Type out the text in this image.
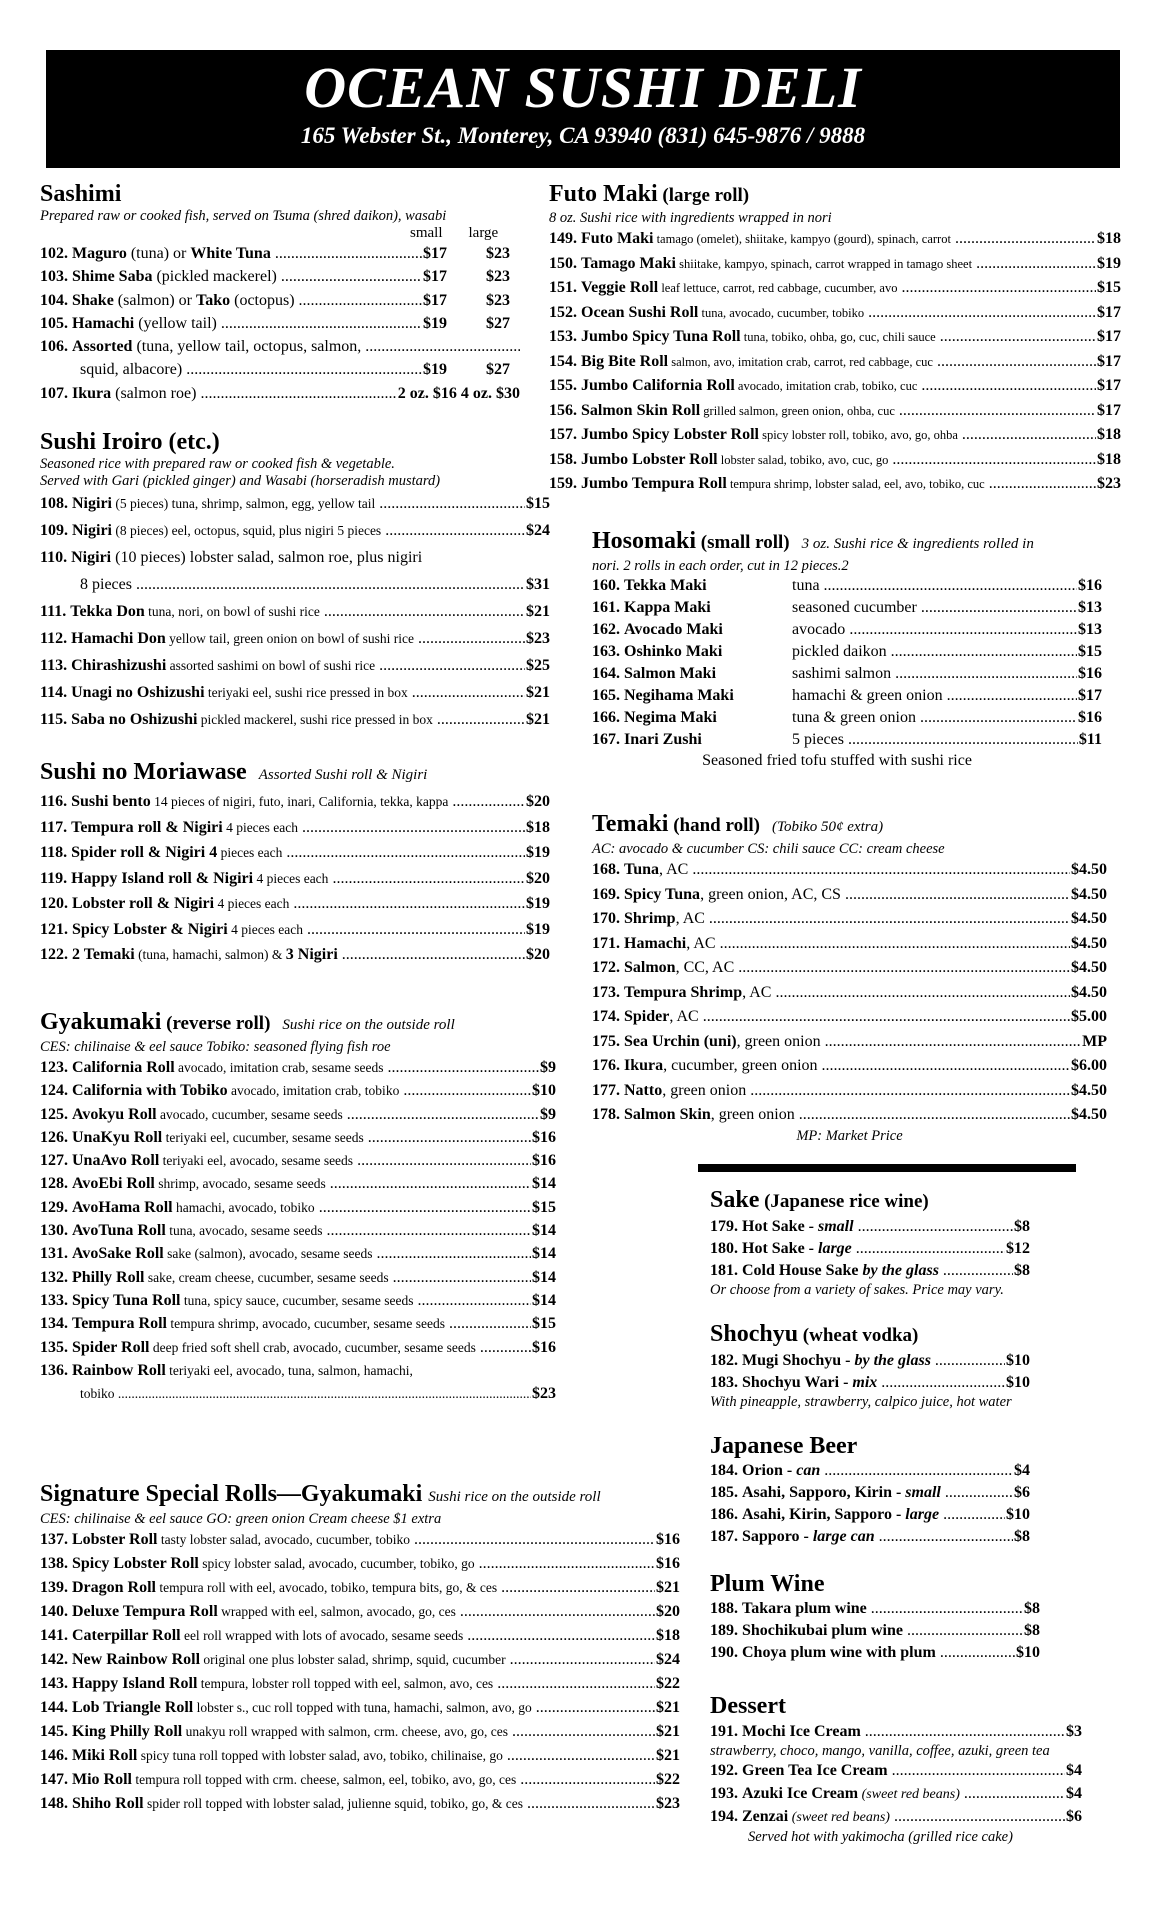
OCEAN SUSHI DELI
165 Webster St., Monterey, CA 93940 (831) 645-9876 / 9888
Sashimi
Prepared raw or cooked fish, served on Tsuma (shred daikon), wasabi
small large
102. Maguro (tuna) or White Tuna .....	$17	$23
103. Shime Saba (pickled mackerel) .....	$17	$23
104. Shake (salmon) or Tako (octopus) .....	$17	$23
105. Hamachi (yellow tail) .....	$19	$27
106. Assorted (tuna, yellow tail, octopus, salmon, .....
squid, albacore) .....	$19	$27
107. Ikura (salmon roe) .....	2 oz. $16 4 oz. $30
Sushi Iroiro (etc.)
Seasoned rice with prepared raw or cooked fish & vegetable.
Served with Gari (pickled ginger) and Wasabi (horseradish mustard)
108. Nigiri (5 pieces) tuna, shrimp, salmon, egg, yellow tail .....	$15
109. Nigiri (8 pieces) eel, octopus, squid, plus nigiri 5 pieces .....	$24
110. Nigiri (10 pieces) lobster salad, salmon roe, plus nigiri
8 pieces .....	$31
111. Tekka Don tuna, nori, on bowl of sushi rice .....	$21
112. Hamachi Don yellow tail, green onion on bowl of sushi rice .....	$23
113. Chirashizushi assorted sashimi on bowl of sushi rice .....	$25
114. Unagi no Oshizushi teriyaki eel, sushi rice pressed in box .....	$21
115. Saba no Oshizushi pickled mackerel, sushi rice pressed in box .....	$21
Sushi no Moriawase Assorted Sushi roll & Nigiri
116. Sushi bento 14 pieces of nigiri, futo, inari, California, tekka, kappa .....	$20
117. Tempura roll & Nigiri 4 pieces each .....	$18
118. Spider roll & Nigiri 4 pieces each .....	$19
119. Happy Island roll & Nigiri 4 pieces each .....	$20
120. Lobster roll & Nigiri 4 pieces each .....	$19
121. Spicy Lobster & Nigiri 4 pieces each .....	$19
122. 2 Temaki (tuna, hamachi, salmon) & 3 Nigiri .....	$20
Gyakumaki (reverse roll) Sushi rice on the outside roll
CES: chilinaise & eel sauce Tobiko: seasoned flying fish roe
123. California Roll avocado, imitation crab, sesame seeds .....	$9
124. California with Tobiko avocado, imitation crab, tobiko .....	$10
125. Avokyu Roll avocado, cucumber, sesame seeds .....	$9
126. UnaKyu Roll teriyaki eel, cucumber, sesame seeds .....	$16
127. UnaAvo Roll teriyaki eel, avocado, sesame seeds .....	$16
128. AvoEbi Roll shrimp, avocado, sesame seeds .....	$14
129. AvoHama Roll hamachi, avocado, tobiko .....	$15
130. AvoTuna Roll tuna, avocado, sesame seeds .....	$14
131. AvoSake Roll sake (salmon), avocado, sesame seeds .....	$14
132. Philly Roll sake, cream cheese, cucumber, sesame seeds .....	$14
133. Spicy Tuna Roll tuna, spicy sauce, cucumber, sesame seeds .....	$14
134. Tempura Roll tempura shrimp, avocado, cucumber, sesame seeds .....	$15
135. Spider Roll deep fried soft shell crab, avocado, cucumber, sesame seeds .....	$16
136. Rainbow Roll teriyaki eel, avocado, tuna, salmon, hamachi,
tobiko .....	$23
Signature Special Rolls—Gyakumaki Sushi rice on the outside roll
CES: chilinaise & eel sauce GO: green onion Cream cheese $1 extra
137. Lobster Roll tasty lobster salad, avocado, cucumber, tobiko .....	$16
138. Spicy Lobster Roll spicy lobster salad, avocado, cucumber, tobiko, go .....	$16
139. Dragon Roll tempura roll with eel, avocado, tobiko, tempura bits, go, & ces .....	$21
140. Deluxe Tempura Roll wrapped with eel, salmon, avocado, go, ces .....	$20
141. Caterpillar Roll eel roll wrapped with lots of avocado, sesame seeds .....	$18
142. New Rainbow Roll original one plus lobster salad, shrimp, squid, cucumber .....	$24
143. Happy Island Roll tempura, lobster roll topped with eel, salmon, avo, ces .....	$22
144. Lob Triangle Roll lobster s., cuc roll topped with tuna, hamachi, salmon, avo, go .....	$21
145. King Philly Roll unakyu roll wrapped with salmon, crm. cheese, avo, go, ces .....	$21
146. Miki Roll spicy tuna roll topped with lobster salad, avo, tobiko, chilinaise, go .....	$21
147. Mio Roll tempura roll topped with crm. cheese, salmon, eel, tobiko, avo, go, ces .....	$22
148. Shiho Roll spider roll topped with lobster salad, julienne squid, tobiko, go, & ces .....	$23
Futo Maki (large roll)
8 oz. Sushi rice with ingredients wrapped in nori
149. Futo Maki tamago (omelet), shiitake, kampyo (gourd), spinach, carrot .....	$18
150. Tamago Maki shiitake, kampyo, spinach, carrot wrapped in tamago sheet .....	$19
151. Veggie Roll leaf lettuce, carrot, red cabbage, cucumber, avo .....	$15
152. Ocean Sushi Roll tuna, avocado, cucumber, tobiko .....	$17
153. Jumbo Spicy Tuna Roll tuna, tobiko, ohba, go, cuc, chili sauce .....	$17
154. Big Bite Roll salmon, avo, imitation crab, carrot, red cabbage, cuc .....	$17
155. Jumbo California Roll avocado, imitation crab, tobiko, cuc .....	$17
156. Salmon Skin Roll grilled salmon, green onion, ohba, cuc .....	$17
157. Jumbo Spicy Lobster Roll spicy lobster roll, tobiko, avo, go, ohba .....	$18
158. Jumbo Lobster Roll lobster salad, tobiko, avo, cuc, go .....	$18
159. Jumbo Tempura Roll tempura shrimp, lobster salad, eel, avo, tobiko, cuc .....	$23
Hosomaki (small roll) 3 oz. Sushi rice & ingredients rolled in
nori. 2 rolls in each order, cut in 12 pieces.2
160. Tekka Maki	tuna .....	$16
161. Kappa Maki	seasoned cucumber .....	$13
162. Avocado Maki	avocado .....	$13
163. Oshinko Maki	pickled daikon .....	$15
164. Salmon Maki	sashimi salmon .....	$16
165. Negihama Maki	hamachi & green onion .....	$17
166. Negima Maki	tuna & green onion .....	$16
167. Inari Zushi	5 pieces .....	$11
Seasoned fried tofu stuffed with sushi rice
Temaki (hand roll) (Tobiko 50¢ extra)
AC: avocado & cucumber CS: chili sauce CC: cream cheese
168. Tuna, AC .....	$4.50
169. Spicy Tuna, green onion, AC, CS .....	$4.50
170. Shrimp, AC .....	$4.50
171. Hamachi, AC .....	$4.50
172. Salmon, CC, AC .....	$4.50
173. Tempura Shrimp, AC .....	$4.50
174. Spider, AC .....	$5.00
175. Sea Urchin (uni), green onion .....	MP
176. Ikura, cucumber, green onion .....	$6.00
177. Natto, green onion .....	$4.50
178. Salmon Skin, green onion .....	$4.50
MP: Market Price
Sake (Japanese rice wine)
179. Hot Sake - small .....	$8
180. Hot Sake - large .....	$12
181. Cold House Sake by the glass .....	$8
Or choose from a variety of sakes. Price may vary.
Shochyu (wheat vodka)
182. Mugi Shochyu - by the glass .....	$10
183. Shochyu Wari - mix .....	$10
With pineapple, strawberry, calpico juice, hot water
Japanese Beer
184. Orion - can .....	$4
185. Asahi, Sapporo, Kirin - small .....	$6
186. Asahi, Kirin, Sapporo - large .....	$10
187. Sapporo - large can .....	$8
Plum Wine
188. Takara plum wine .....	$8
189. Shochikubai plum wine .....	$8
190. Choya plum wine with plum .....	$10
Dessert
191. Mochi Ice Cream .....	$3
strawberry, choco, mango, vanilla, coffee, azuki, green tea
192. Green Tea Ice Cream .....	$4
193. Azuki Ice Cream (sweet red beans) .....	$4
194. Zenzai (sweet red beans) .....	$6
Served hot with yakimocha (grilled rice cake)
